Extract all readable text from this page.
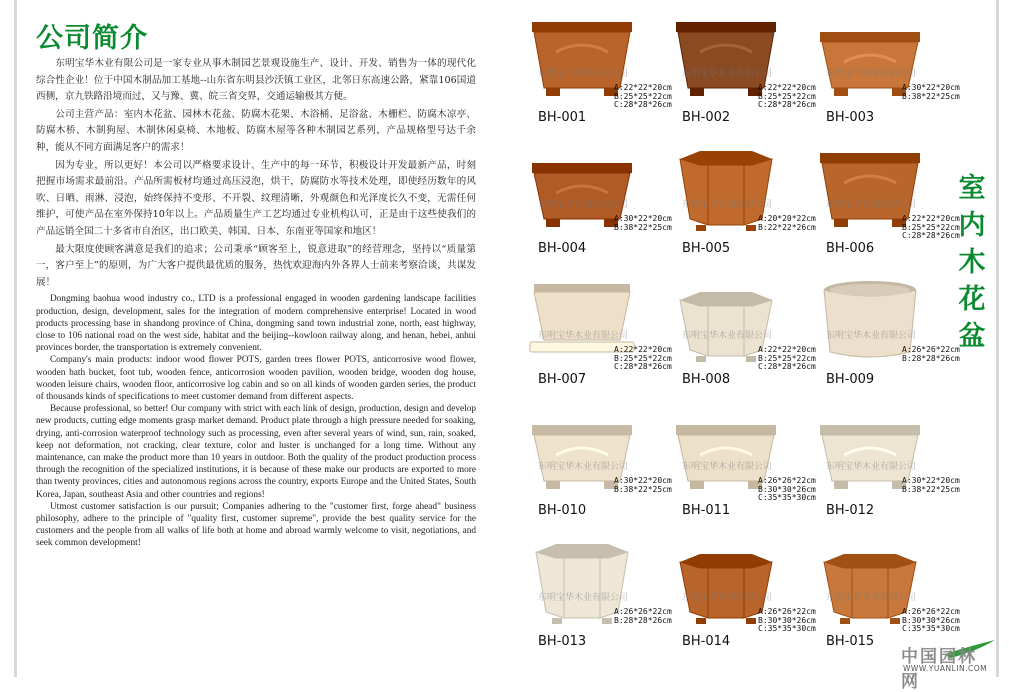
公司简介

东明宝华木业有限公司是一家专业从事木制园艺景观设施生产、设计、开发、销售为一体的现代化综合性企业！位于中国木制品加工基地--山东省东明县沙沃镇工业区，北邻日东高速公路，紧靠106国道西侧，京九铁路沿境而过，又与豫、冀、皖三省交界，交通运输极其方便。

公司主营产品：室内木花盆、园林木花盆、防腐木花架、木浴桶、足浴盆、木栅栏、防腐木凉亭、防腐木桥、木制狗屋、木制休闲桌椅、木地板、防腐木屋等各种木制园艺系列，产品规格型号达千余种，能从不同方面满足客户的需求！

因为专业，所以更好！本公司以严格要求设计、生产中的每一环节，积极设计开发最新产品，时刻把握市场需求最前沿。产品所需板材均通过高压浸泡，烘干，防腐防水等技术处理，即使经历数年的风吹、日晒、雨淋、浸泡，始终保持不变形、不开裂、纹理清晰，外观颜色和光泽度长久不变，无需任何维护，可使产品在室外保持10年以上。产品质量生产工艺均通过专业机构认可，正是由于这些使我们的产品远销全国二十多省市自治区，出口欧美、韩国、日本、东南亚等国家和地区！

最大限度使顾客满意是我们的追求；公司秉承“顾客至上，锐意进取”的经营理念，坚持以“质量第一，客户至上”的原则，为广大客户提供最优质的服务，热忱欢迎海内外各界人士前来考察洽谈，共谋发展！

Dongming baohua wood industry co., LTD is a professional engaged in wooden gardening landscape facilities production, design, development, sales for the integration of modern comprehensive enterprise! Located in wood products processing base in shandong province of China, dongming sand town industrial zone, north, east highway, close to 106 national road on the west side, habitat and the beijing--kowloon railway along, and henan, hebei, anhui provinces border, the transportation is extremely convenient.

Company's main products: indoor wood flower POTS, garden trees flower POTS, anticorrosive wood flower, wooden bath bucket, foot tub, wooden fence, anticorrosion wooden pavilion, wooden bridge, wooden dog house, wooden leisure chairs, wooden floor, anticorrosive log cabin and so on all kinds of wooden garden series, the product of thousands kinds of specifications to meet customer demand from different aspects.

Because professional, so better! Our company with strict with each link of design, production, design and develop new products, cutting edge moments grasp market demand. Product plate through a high pressure needed for soaking, drying, anti-corrosion waterproof technology such as processing, even after several years of wind, sun, rain, soaked, keep not deformation, not cracking, clear texture, color and luster is unchanged for a long time. Without any maintenance, can make the product more than 10 years in outdoor. Both the quality of the product production process through the recognition of the specialized institutions, it is because of these make our products are exported to more than twenty provinces, cities and autonomous regions across the country, exports Europe and the United States, South Korea, Japan, southeast Asia and other countries and regions!

Utmost customer satisfaction is our pursuit; Companies adhering to the "customer first, forge ahead" business philosophy, adhere to the principle of "quality first, customer supreme", provide the best quality service for the customers and the people from all walks of life both at home and abroad warmly welcome to visit, negotiations, and seek common development!

东明宝华木业有限公司
A:22*22*20cm
B:25*25*22cm
C:28*28*26cm
BH-001
东明宝华木业有限公司
A:22*22*20cm
B:25*25*22cm
C:28*28*26cm
BH-002
东明宝华木业有限公司
A:30*22*20cm
B:38*22*25cm
BH-003
东明宝华木业有限公司
A:30*22*20cm
B:38*22*25cm
BH-004
东明宝华木业有限公司
A:20*20*22cm
B:22*22*26cm
BH-005
东明宝华木业有限公司
A:22*22*20cm
B:25*25*22cm
C:28*28*26cm
BH-006
东明宝华木业有限公司
A:22*22*20cm
B:25*25*22cm
C:28*28*26cm
BH-007
东明宝华木业有限公司
A:22*22*20cm
B:25*25*22cm
C:28*28*26cm
BH-008
东明宝华木业有限公司
A:26*26*22cm
B:28*28*26cm
BH-009
东明宝华木业有限公司
A:30*22*20cm
B:38*22*25cm
BH-010
东明宝华木业有限公司
A:26*26*22cm
B:30*30*26cm
C:35*35*30cm
BH-011
东明宝华木业有限公司
A:30*22*20cm
B:38*22*25cm
BH-012
东明宝华木业有限公司
A:26*26*22cm
B:28*28*26cm
BH-013
东明宝华木业有限公司
A:26*26*22cm
B:30*30*26cm
C:35*35*30cm
BH-014
东明宝华木业有限公司
A:26*26*22cm
B:30*30*26cm
C:35*35*30cm
BH-015
室
内
木
花
盆
中国园林网
WWW.YUANLIN.COM
